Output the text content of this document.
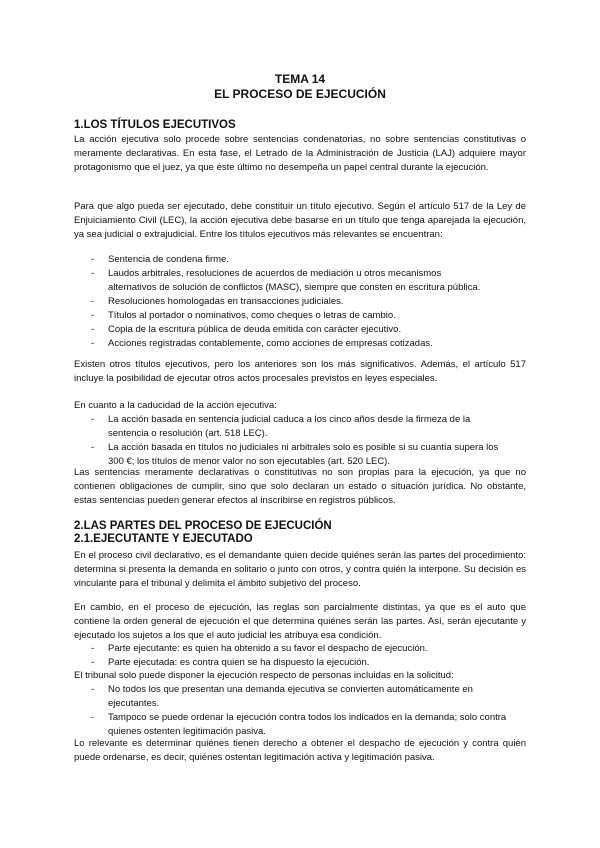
TEMA 14
EL PROCESO DE EJECUCIÓN
1.LOS TÍTULOS EJECUTIVOS

La acción ejecutiva solo procede sobre sentencias condenatorias, no sobre sentencias constitutivas o meramente declarativas. En esta fase, el Letrado de la Administración de Justicia (LAJ) adquiere mayor protagonismo que el juez, ya que éste último no desempeña un papel central durante la ejecución.

Para que algo pueda ser ejecutado, debe constituir un título ejecutivo. Según el artículo 517 de la Ley de Enjuiciamiento Civil (LEC), la acción ejecutiva debe basarse en un título que tenga aparejada la ejecución, ya sea judicial o extrajudicial. Entre los títulos ejecutivos más relevantes se encuentran:

- Sentencia de condena firme.
- Laudos arbitrales, resoluciones de acuerdos de mediación u otros mecanismos alternativos de solución de conflictos (MASC), siempre que consten en escritura pública.
- Resoluciones homologadas en transacciones judiciales.
- Títulos al portador o nominativos, como cheques o letras de cambio.
- Copia de la escritura pública de deuda emitida con carácter ejecutivo.
- Acciones registradas contablemente, como acciones de empresas cotizadas.

Existen otros títulos ejecutivos, pero los anteriores son los más significativos. Además, el artículo 517 incluye la posibilidad de ejecutar otros actos procesales previstos en leyes especiales.

En cuanto a la caducidad de la acción ejecutiva:

- La acción basada en sentencia judicial caduca a los cinco años desde la firmeza de la sentencia o resolución (art. 518 LEC).
- La acción basada en títulos no judiciales ni arbitrales solo es posible si su cuantía supera los 300 €; los títulos de menor valor no son ejecutables (art. 520 LEC).

Las sentencias meramente declarativas o constitutivas no son propias para la ejecución, ya que no contienen obligaciones de cumplir, sino que solo declaran un estado o situación jurídica. No obstante, estas sentencias pueden generar efectos al inscribirse en registros públicos.

2.LAS PARTES DEL PROCESO DE EJECUCIÓN
2.1.EJECUTANTE Y EJECUTADO

En el proceso civil declarativo, es el demandante quien decide quiénes serán las partes del procedimiento: determina si presenta la demanda en solitario o junto con otros, y contra quién la interpone. Su decisión es vinculante para el tribunal y delimita el ámbito subjetivo del proceso.

En cambio, en el proceso de ejecución, las reglas son parcialmente distintas, ya que es el auto que contiene la orden general de ejecución el que determina quiénes serán las partes. Así, serán ejecutante y ejecutado los sujetos a los que el auto judicial les atribuya esa condición.

- Parte ejecutante: es quien ha obtenido a su favor el despacho de ejecución.
- Parte ejecutada: es contra quien se ha dispuesto la ejecución.

El tribunal solo puede disponer la ejecución respecto de personas incluidas en la solicitud:

- No todos los que presentan una demanda ejecutiva se convierten automáticamente en ejecutantes.
- Tampoco se puede ordenar la ejecución contra todos los indicados en la demanda; solo contra quienes ostenten legitimación pasiva.

Lo relevante es determinar quiénes tienen derecho a obtener el despacho de ejecución y contra quién puede ordenarse, es decir, quiénes ostentan legitimación activa y legitimación pasiva.
